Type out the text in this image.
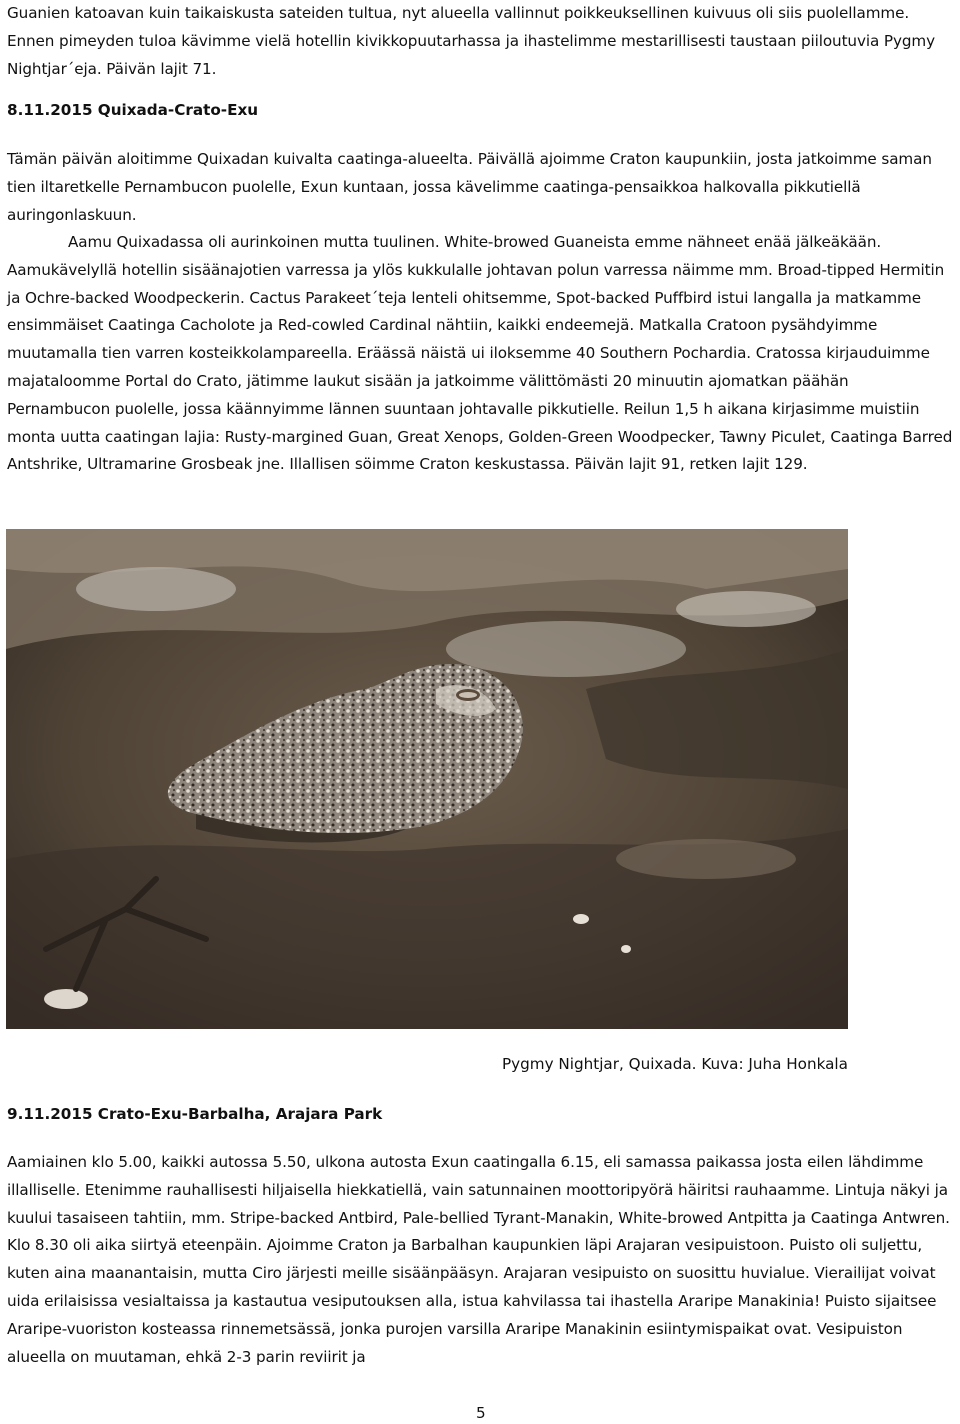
Guanien katoavan kuin taikaiskusta sateiden tultua, nyt alueella vallinnut poikkeuksellinen kuivuus oli siis puolellamme. Ennen pimeyden tuloa kävimme vielä hotellin kivikkopuutarhassa ja ihastelimme mestarillisesti taustaan piiloutuvia Pygmy Nightjar´eja. Päivän lajit 71.

8.11.2015 Quixada-Crato-Exu

Tämän päivän aloitimme Quixadan kuivalta caatinga-alueelta. Päivällä ajoimme Craton kaupunkiin, josta jatkoimme saman tien iltaretkelle Pernambucon puolelle, Exun kuntaan, jossa kävelimme caatinga-pensaikkoa halkovalla pikkutiellä auringonlaskuun.

Aamu Quixadassa oli aurinkoinen mutta tuulinen. White-browed Guaneista emme nähneet enää jälkeäkään. Aamukävelyllä hotellin sisäänajotien varressa ja ylös kukkulalle johtavan polun varressa näimme mm. Broad-tipped Hermitin ja Ochre-backed Woodpeckerin. Cactus Parakeet´teja lenteli ohitsemme, Spot-backed Puffbird istui langalla ja matkamme ensimmäiset Caatinga Cacholote ja Red-cowled Cardinal nähtiin, kaikki endeemejä. Matkalla Cratoon pysähdyimme muutamalla tien varren kosteikkolampareella. Eräässä näistä ui iloksemme 40 Southern Pochardia. Cratossa kirjauduimme majataloomme Portal do Crato, jätimme laukut sisään ja jatkoimme välittömästi 20 minuutin ajomatkan päähän Pernambucon puolelle, jossa käännyimme lännen suuntaan johtavalle pikkutielle. Reilun 1,5 h aikana kirjasimme muistiin monta uutta caatingan lajia: Rusty-margined Guan, Great Xenops, Golden-Green Woodpecker, Tawny Piculet, Caatinga Barred Antshrike, Ultramarine Grosbeak jne. Illallisen söimme Craton keskustassa. Päivän lajit 91, retken lajit 129.

Pygmy Nightjar, Quixada. Kuva: Juha Honkala
9.11.2015 Crato-Exu-Barbalha, Arajara Park

Aamiainen klo 5.00, kaikki autossa 5.50, ulkona autosta Exun caatingalla 6.15, eli samassa paikassa josta eilen lähdimme illalliselle. Etenimme rauhallisesti hiljaisella hiekkatiellä, vain satunnainen moottoripyörä häiritsi rauhaamme. Lintuja näkyi ja kuului tasaiseen tahtiin, mm. Stripe-backed Antbird, Pale-bellied Tyrant-Manakin, White-browed Antpitta ja Caatinga Antwren. Klo 8.30 oli aika siirtyä eteenpäin. Ajoimme Craton ja Barbalhan kaupunkien läpi Arajaran vesipuistoon. Puisto oli suljettu, kuten aina maanantaisin, mutta Ciro järjesti meille sisäänpääsyn. Arajaran vesipuisto on suosittu huvialue. Vierailijat voivat uida erilaisissa vesialtaissa ja kastautua vesiputouksen alla, istua kahvilassa tai ihastella Araripe Manakinia! Puisto sijaitsee Araripe-vuoriston kosteassa rinnemetsässä, jonka purojen varsilla Araripe Manakinin esiintymispaikat ovat. Vesipuiston alueella on muutaman, ehkä 2-3 parin reviirit ja

5
